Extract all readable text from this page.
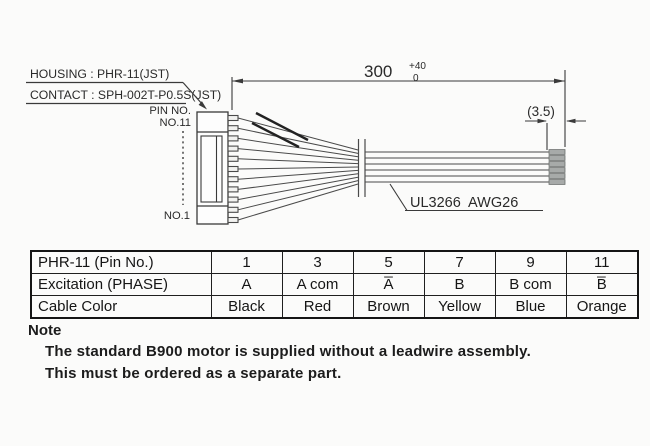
HOUSING : PHR-11(JST)
CONTACT : SPH-002T-P0.5S(JST)
PIN NO.
NO.11
NO.1
300 +40
0
(3.5)
UL3266  AWG26
PHR-11 (Pin No.)	1	3	5	7	9	11
Excitation (PHASE)	A	A com	A̅	B	B com	B̅
Cable Color	Black	Red	Brown	Yellow	Blue	Orange

Note

The standard B900 motor is supplied without a leadwire assembly.

This must be ordered as a separate part.
